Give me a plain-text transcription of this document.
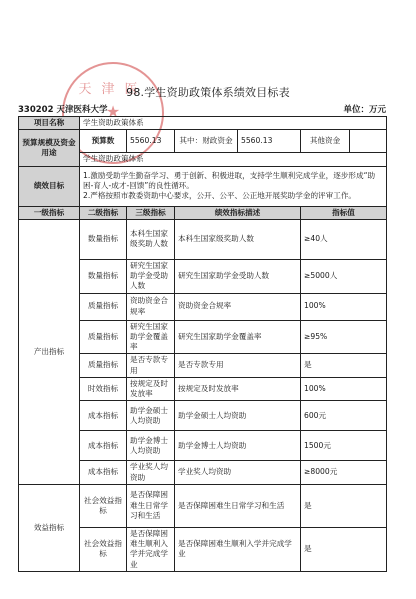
天津医
★
98.学生资助政策体系绩效目标表
330202 天津医科大学	单位：万元
项目名称	学生资助政策体系			
预算规模及资金用途	预算数	5560.13	其中：财政资金 5560.13	其他资金

	学生资助政策体系			
绩效目标	1.激励受助学生勤奋学习、勇于创新、积极进取，支持学生顺利完成学业，逐步形成“助困-育人-成才-回馈”的良性循环。
2.严格按照市教委资助中心要求，公开、公平、公正地开展奖助学金的评审工作。			

一级指标	二级指标	三级指标	绩效指标描述	指标值
产出指标	数量指标	本科生国家级奖助人数	本科生国家级奖助人数	≥40人
	数量指标	研究生国家助学金受助人数	研究生国家助学金受助人数	≥5000人
	质量指标	资助资金合规率	资助资金合规率	100%
	质量指标	研究生国家助学金覆盖率	研究生国家助学金覆盖率	≥95%
	质量指标	是否专款专用	是否专款专用	是
	时效指标	按规定及时发放率	按规定及时发放率	100%
	成本指标	助学金硕士人均资助	助学金硕士人均资助	600元
	成本指标	助学金博士人均资助	助学金博士人均资助	1500元
	成本指标	学业奖人均资助	学业奖人均资助	≥8000元
效益指标	社会效益指标	是否保障困难生日常学习和生活	是否保障困难生日常学习和生活	是
	社会效益指标	是否保障困难生顺利入学并完成学业	是否保障困难生顺利入学并完成学业	是
